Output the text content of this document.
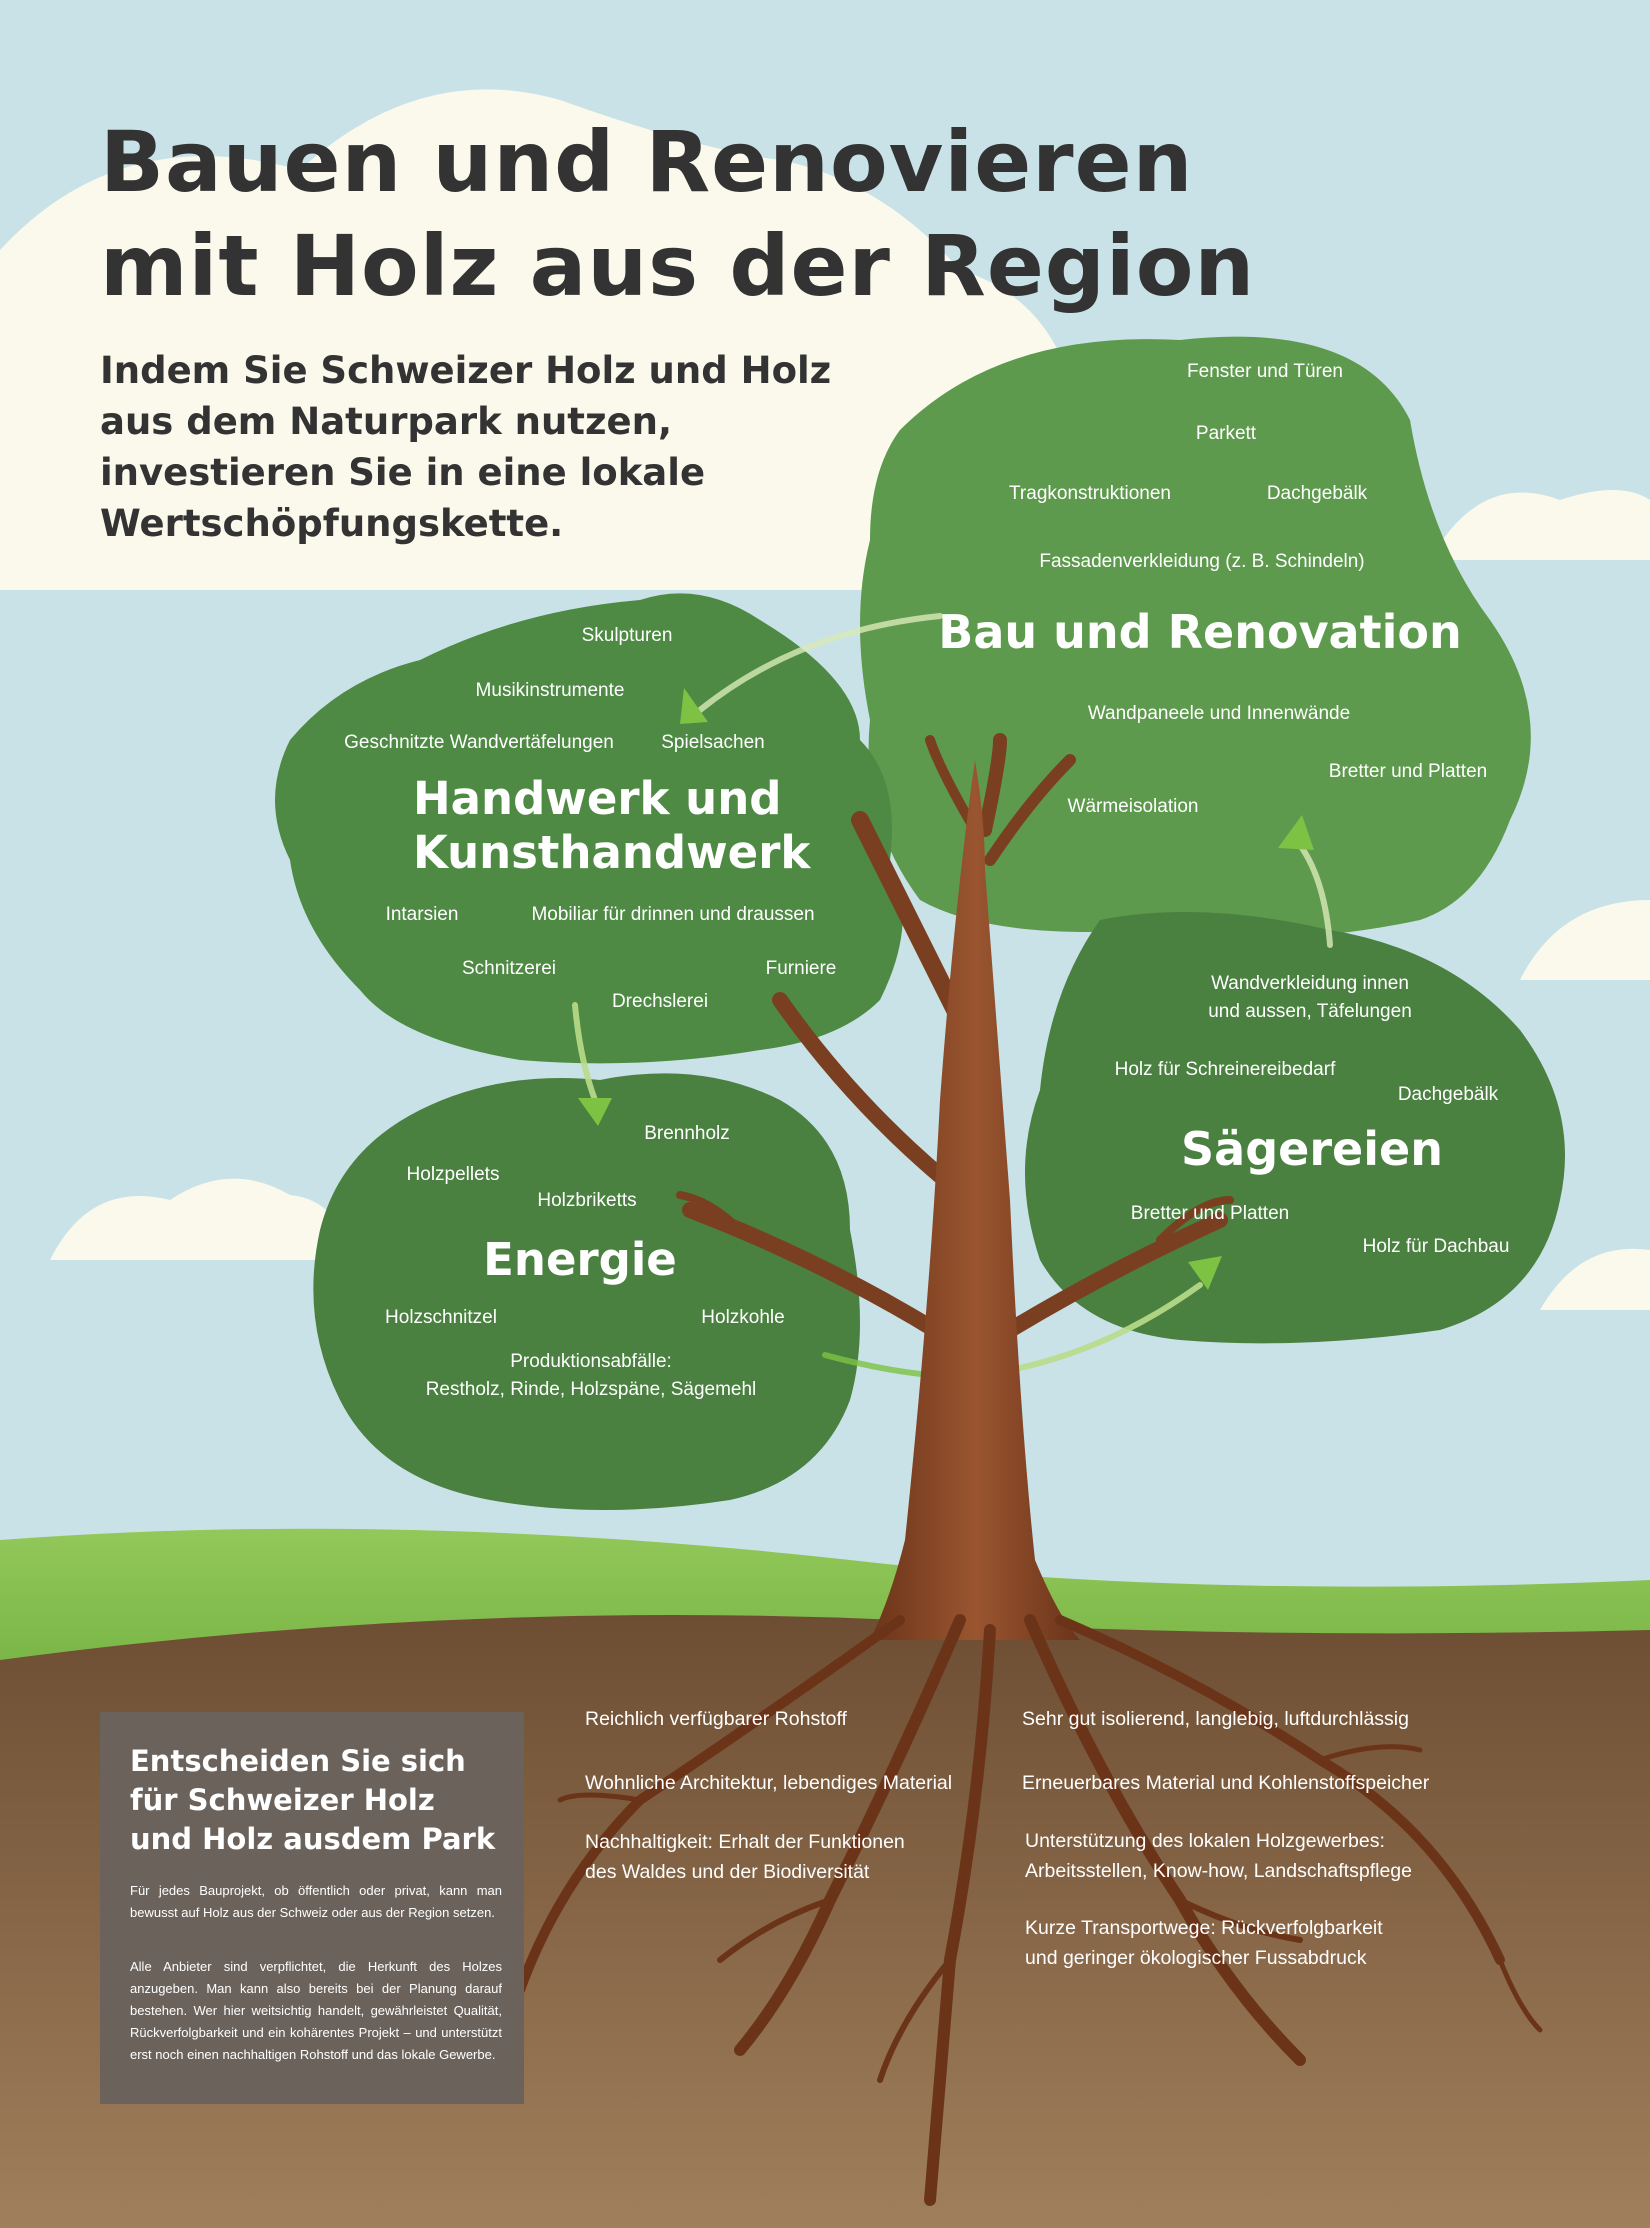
Bauen und Renovieren
mit Holz aus der Region

Indem Sie Schweizer Holz und Holz
aus dem Naturpark nutzen,
investieren Sie in eine lokale
Wertschöpfungskette.

Fenster und Türen
Parkett
Tragkonstruktionen	Dachgebälk
Fassadenverkleidung (z. B. Schindeln)
Bau und Renovation
Wandpaneele und Innenwände
Bretter und Platten
Wärmeisolation
Skulpturen
Musikinstrumente
Geschnitzte Wandvertäfelungen Spielsachen
Handwerk und
Kunsthandwerk
Intarsien	Mobiliar für drinnen und draussen
Schnitzerei	Furniere
Drechslerei
Wandverkleidung innen
und aussen, Täfelungen
Holz für Schreinereibedarf
Dachgebälk
Sägereien
Bretter und Platten
Holz für Dachbau
Brennholz
Holzpellets
Holzbriketts
Energie
Holzschnitzel	Holzkohle
Produktionsabfälle:
Restholz, Rinde, Holzspäne, Sägemehl
Reichlich verfügbarer Rohstoff
Wohnliche Architektur, lebendiges Material
Nachhaltigkeit: Erhalt der Funktionen
des Waldes und der Biodiversität
Sehr gut isolierend, langlebig, luftdurchlässig
Erneuerbares Material und Kohlenstoffspeicher
Unterstützung des lokalen Holzgewerbes:
Arbeitsstellen, Know-how, Landschaftspflege
Kurze Transportwege: Rückverfolgbarkeit
und geringer ökologischer Fussabdruck
Entscheiden Sie sich
für Schweizer Holz
und Holz ausdem Park

Für jedes Bauprojekt, ob öffentlich oder privat, kann man bewusst auf Holz aus der Schweiz oder aus der Region setzen.

Alle Anbieter sind verpflichtet, die Herkunft des Holzes anzugeben. Man kann also bereits bei der Planung darauf bestehen. Wer hier weitsichtig handelt, gewährleistet Qualität, Rückverfolgbarkeit und ein kohärentes Projekt – und unterstützt erst noch einen nachhaltigen Rohstoff und das lokale Gewerbe.
